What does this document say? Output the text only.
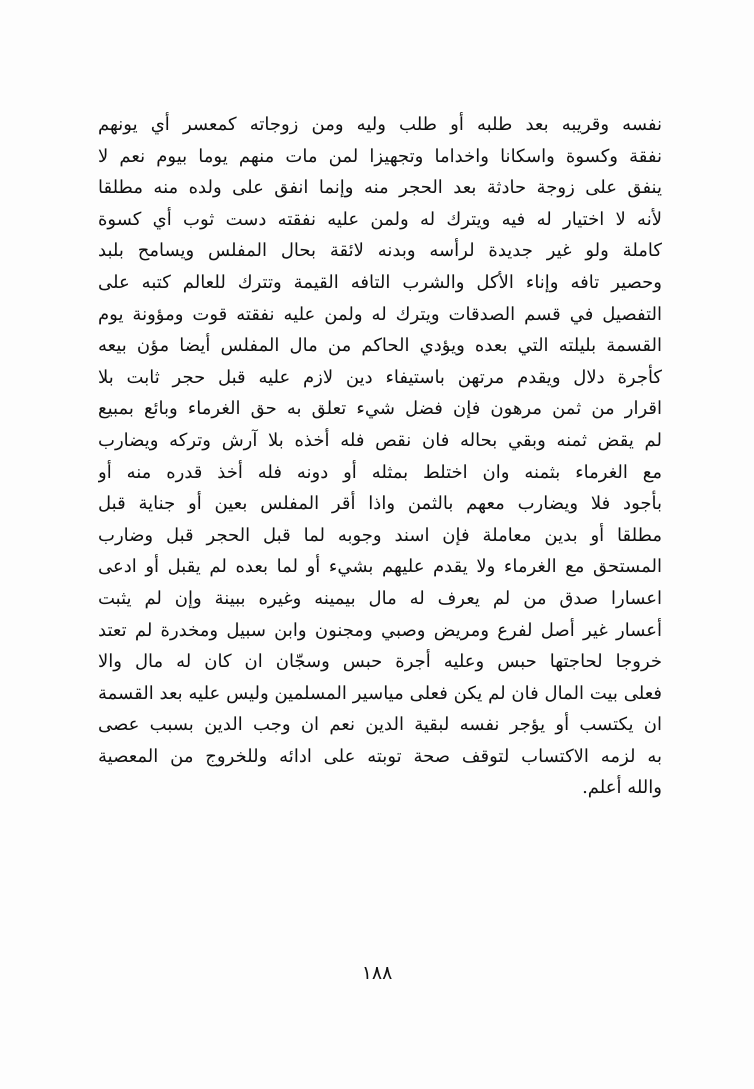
نفسه وقريبه بعد طلبه أو طلب وليه ومن زوجاته كمعسر أي يونهم
نفقة وكسوة واسكانا واخداما وتجهيزا لمن مات منهم يوما بيوم نعم لا
ينفق على زوجة حادثة بعد الحجر منه وإنما انفق على ولده منه مطلقا
لأنه لا اختيار له فيه ويترك له ولمن عليه نفقته دست ثوب أي كسوة
كاملة ولو غير جديدة لرأسه وبدنه لائقة بحال المفلس ويسامح بلبد
وحصير تافه وإناء الأكل والشرب التافه القيمة وتترك للعالم كتبه على
التفصيل في قسم الصدقات ويترك له ولمن عليه نفقته قوت ومؤونة يوم
القسمة بليلته التي بعده ويؤدي الحاكم من مال المفلس أيضا مؤن بيعه
كأجرة دلال ويقدم مرتهن باستيفاء دين لازم عليه قبل حجر ثابت بلا
اقرار من ثمن مرهون فإن فضل شيء تعلق به حق الغرماء وبائع بمبيع
لم يقض ثمنه وبقي بحاله فان نقص فله أخذه بلا آرش وتركه ويضارب
مع الغرماء بثمنه وان اختلط بمثله أو دونه فله أخذ قدره منه أو
بأجود فلا ويضارب معهم بالثمن واذا أقر المفلس بعين أو جناية قبل
مطلقا أو بدين معاملة فإن اسند وجوبه لما قبل الحجر قبل وضارب
المستحق مع الغرماء ولا يقدم عليهم بشيء أو لما بعده لم يقبل أو ادعى
اعسارا صدق من لم يعرف له مال بيمينه وغيره ببينة وإن لم يثبت
أعسار غير أصل لفرع ومريض وصبي ومجنون وابن سبيل ومخدرة لم تعتد
خروجا لحاجتها حبس وعليه أجرة حبس وسجّان ان كان له مال والا
فعلى بيت المال فان لم يكن فعلى مياسير المسلمين وليس عليه بعد القسمة
ان يكتسب أو يؤجر نفسه لبقية الدين نعم ان وجب الدين بسبب عصى
به لزمه الاكتساب لتوقف صحة توبته على ادائه وللخروج من المعصية
والله أعلم.
١٨٨
